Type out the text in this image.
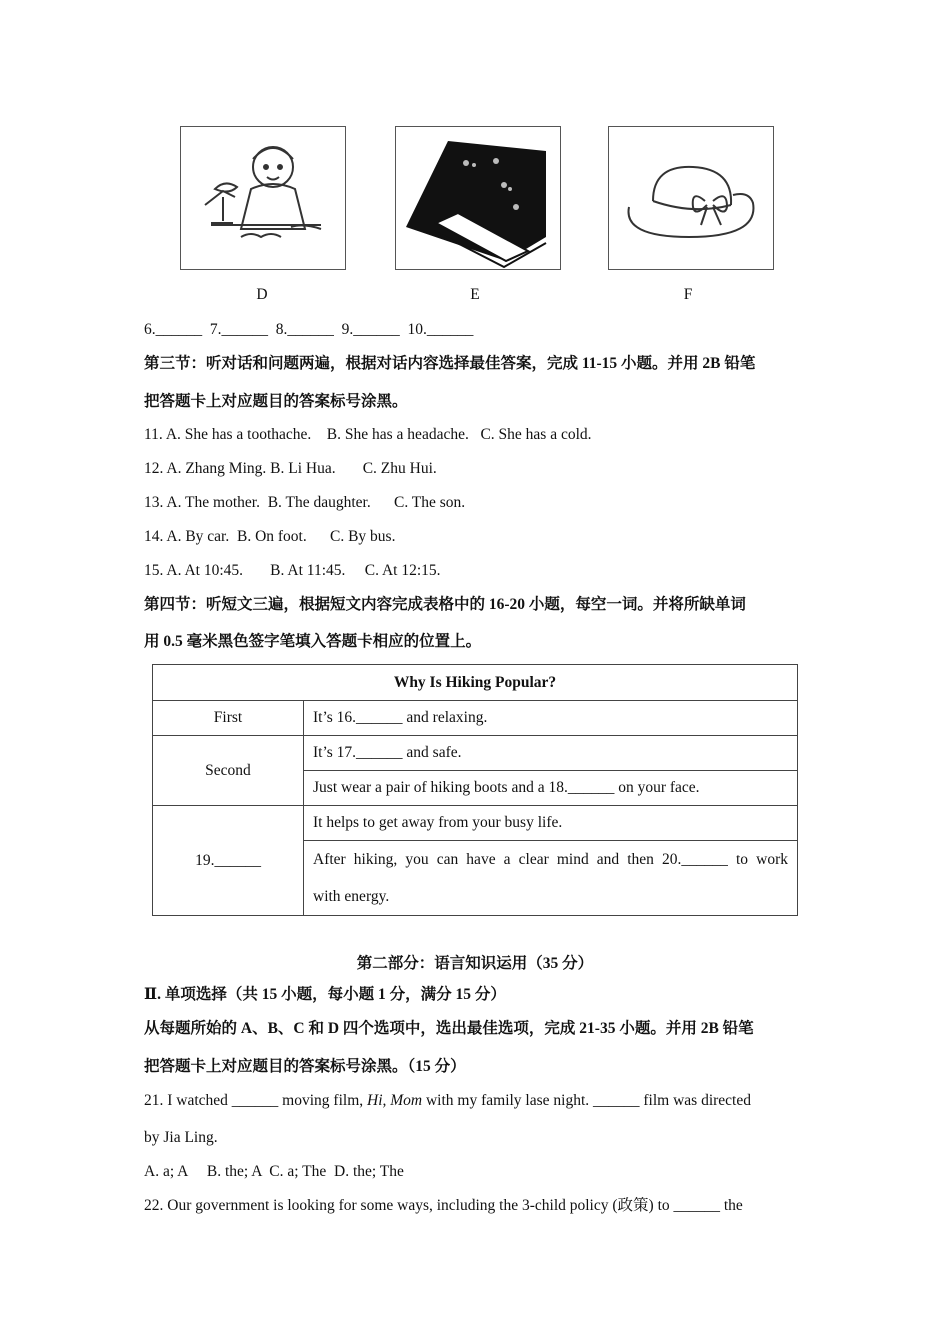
D	E	F
6.______  7.______  8.______  9.______  10.______
第三节：听对话和问题两遍，根据对话内容选择最佳答案，完成 11-15 小题。并用 2B 铅笔
把答题卡上对应题目的答案标号涂黑。
11. A. She has a toothache.    B. She has a headache.   C. She has a cold.
12. A. Zhang Ming. B. Li Hua.       C. Zhu Hui.
13. A. The mother.  B. The daughter.      C. The son.
14. A. By car.  B. On foot.      C. By bus.
15. A. At 10:45.       B. At 11:45.     C. At 12:15.
第四节：听短文三遍，根据短文内容完成表格中的 16-20 小题，每空一词。并将所缺单词
用 0.5 毫米黑色签字笔填入答题卡相应的位置上。
Why Is Hiking Popular?	
First	It’s 16.______ and relaxing.
Second	It’s 17.______ and safe.
	Just wear a pair of hiking boots and a 18.______ on your face.
19.______	It helps to get away from your busy life.

	After hiking, you can have a clear mind and then 20.______ to work
with energy.
第二部分：语言知识运用（35 分）
Ⅱ. 单项选择（共 15 小题，每小题 1 分，满分 15 分）
从每题所始的 A、B、C 和 D 四个选项中，选出最佳选项，完成 21-35 小题。并用 2B 铅笔
把答题卡上对应题目的答案标号涂黑。（15 分）
21. I watched ______ moving film, Hi, Mom with my family lase night. ______ film was directed
by Jia Ling.
A. a; A     B. the; A  C. a; The  D. the; The
22. Our government is looking for some ways, including the 3-child policy (政策) to ______ the
